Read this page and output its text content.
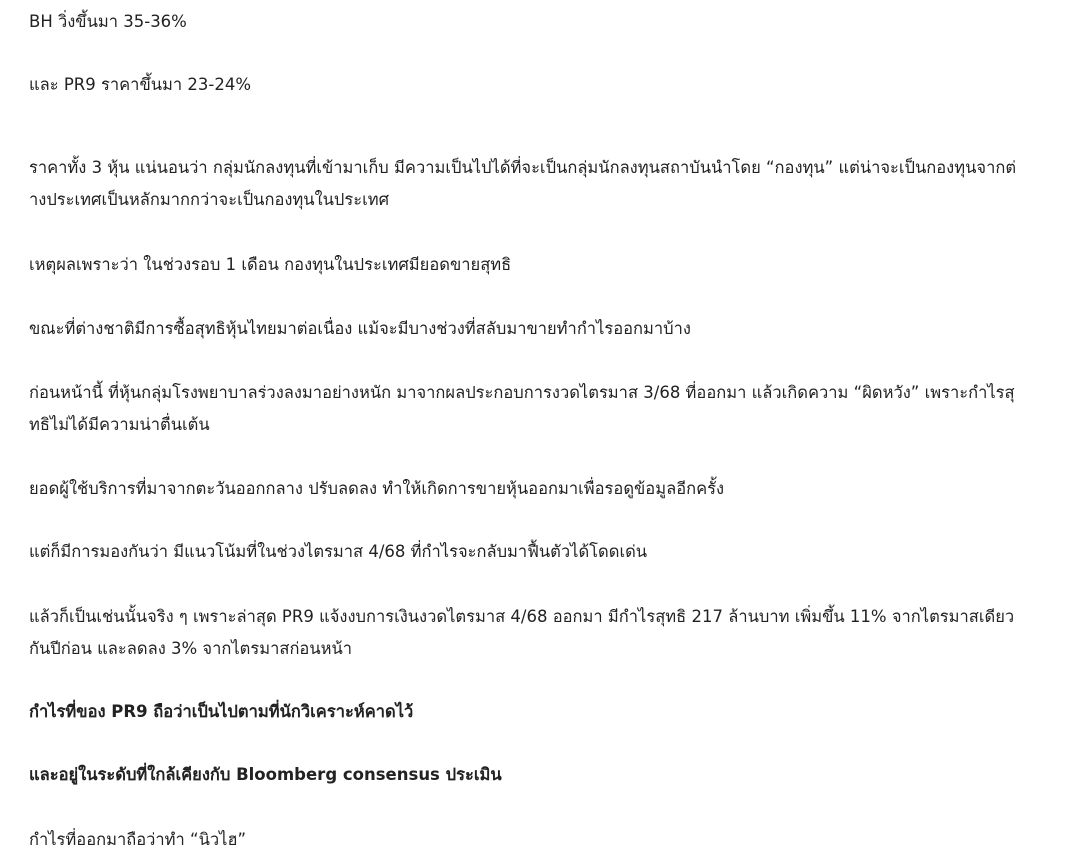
BH วิ่งขึ้นมา 35-36%

และ PR9 ราคาขึ้นมา 23-24%

ราคาทั้ง 3 หุ้น แน่นอนว่า กลุ่มนักลงทุนที่เข้ามาเก็บ มีความเป็นไปได้ที่จะเป็นกลุ่มนักลงทุนสถาบันนำโดย “กองทุน” แต่น่าจะเป็นกองทุนจากต่างประเทศเป็นหลักมากกว่าจะเป็นกองทุนในประเทศ

เหตุผลเพราะว่า ในช่วงรอบ 1 เดือน กองทุนในประเทศมียอดขายสุทธิ

ขณะที่ต่างชาติมีการซื้อสุทธิหุ้นไทยมาต่อเนื่อง แม้จะมีบางช่วงที่สลับมาขายทำกำไรออกมาบ้าง

ก่อนหน้านี้ ที่หุ้นกลุ่มโรงพยาบาลร่วงลงมาอย่างหนัก มาจากผลประกอบการงวดไตรมาส 3/68 ที่ออกมา แล้วเกิดความ “ผิดหวัง” เพราะกำไรสุทธิไม่ได้มีความน่าตื่นเต้น

ยอดผู้ใช้บริการที่มาจากตะวันออกกลาง ปรับลดลง ทำให้เกิดการขายหุ้นออกมาเพื่อรอดูข้อมูลอีกครั้ง

แต่ก็มีการมองกันว่า มีแนวโน้มที่ในช่วงไตรมาส 4/68 ที่กำไรจะกลับมาฟื้นตัวได้โดดเด่น

แล้วก็เป็นเช่นนั้นจริง ๆ เพราะล่าสุด PR9 แจ้งงบการเงินงวดไตรมาส 4/68 ออกมา มีกำไรสุทธิ 217 ล้านบาท เพิ่มขึ้น 11% จากไตรมาสเดียวกันปีก่อน และลดลง 3% จากไตรมาสก่อนหน้า

กำไรที่ของ PR9 ถือว่าเป็นไปตามที่นักวิเคราะห์คาดไว้

และอยู่ในระดับที่ใกล้เคียงกับ Bloomberg consensus ประเมิน

กำไรที่ออกมาถือว่าทำ “นิวไฮ”
